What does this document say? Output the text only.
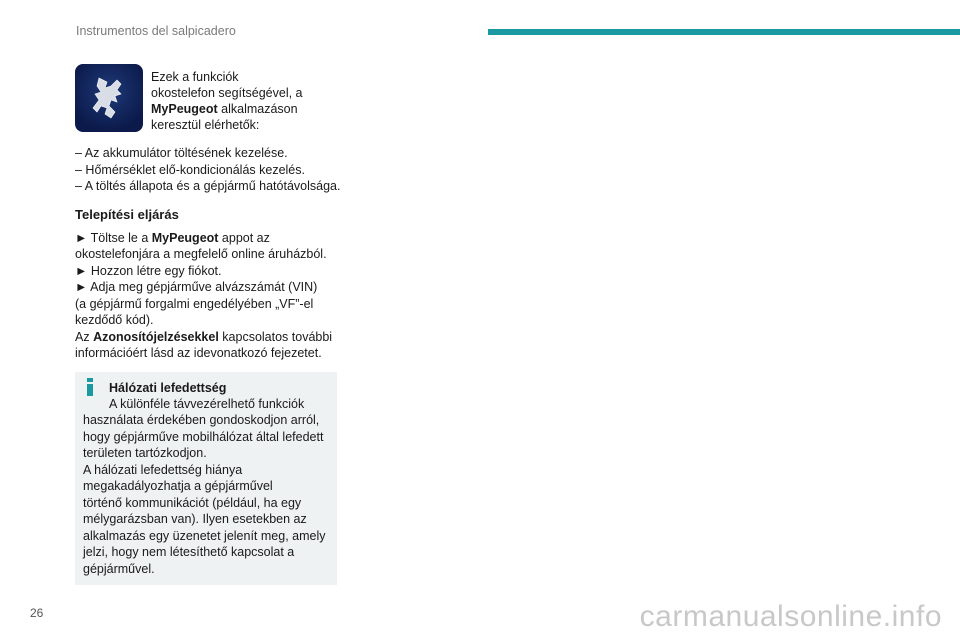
Instrumentos del salpicadero
Ezek a funkciók
okostelefon segítségével, a
MyPeugeot alkalmazáson
keresztül elérhetők:
– Az akkumulátor töltésének kezelése.
– Hőmérséklet elő-kondicionálás kezelés.
– A töltés állapota és a gépjármű hatótávolsága.
Telepítési eljárás

► Töltse le a MyPeugeot appot az
okostelefonjára a megfelelő online áruházból.
► Hozzon létre egy fiókot.
► Adja meg gépjárműve alvázszámát (VIN)
(a gépjármű forgalmi engedélyében „VF”-el
kezdődő kód).
Az Azonosítójelzésekkel kapcsolatos további
információért lásd az idevonatkozó fejezetet.

Hálózati lefedettség
A különféle távvezérelhető funkciók
használata érdekében gondoskodjon arról,
hogy gépjárműve mobilhálózat által lefedett
területen tartózkodjon.
A hálózati lefedettség hiánya
megakadályozhatja a gépjárművel
történő kommunikációt (például, ha egy
mélygarázsban van). Ilyen esetekben az
alkalmazás egy üzenetet jelenít meg, amely
jelzi, hogy nem létesíthető kapcsolat a
gépjárművel.
26	carmanualsonline.info
